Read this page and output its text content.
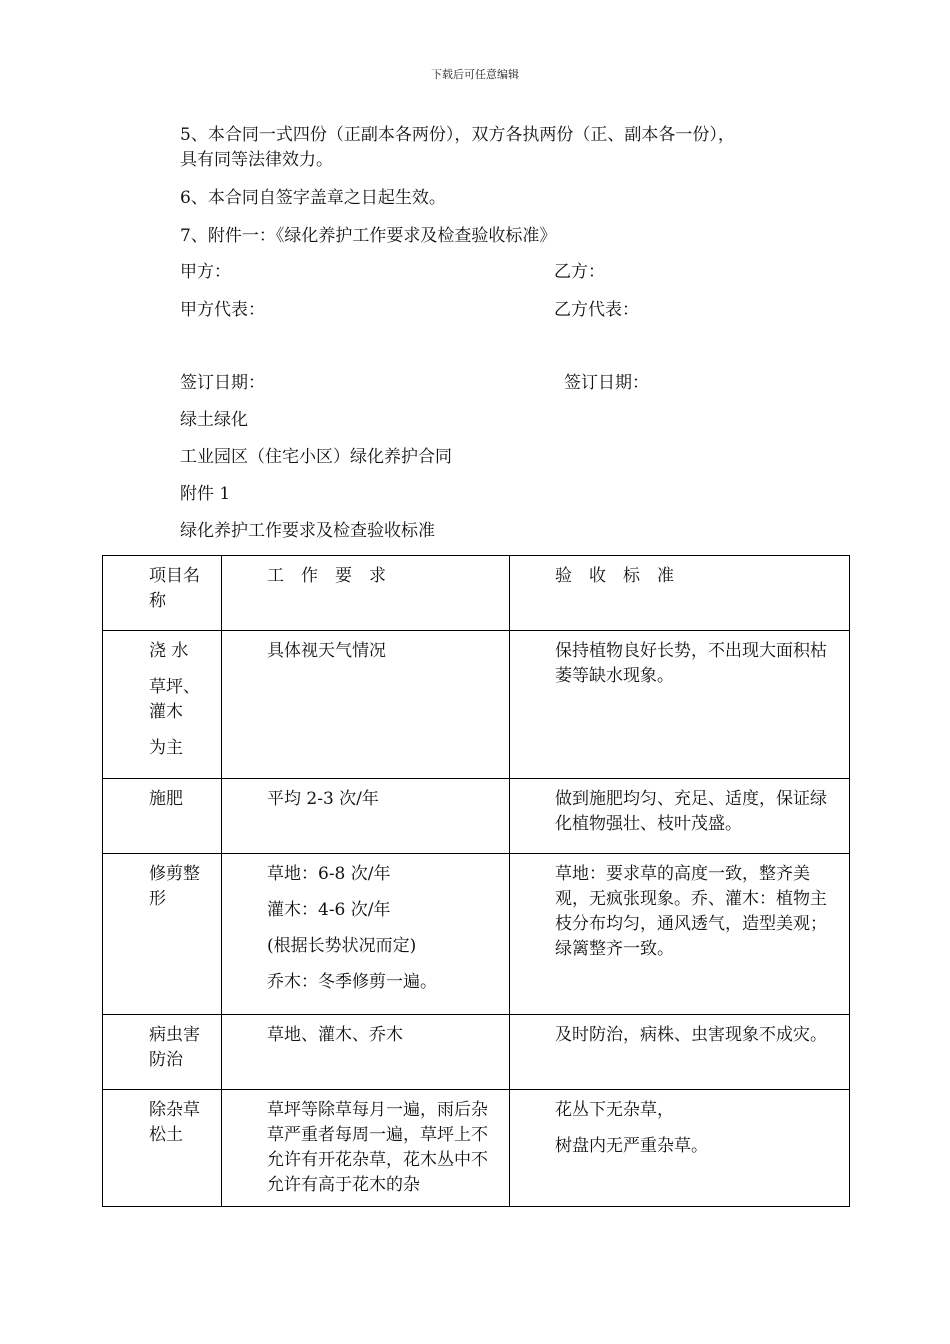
下载后可任意编辑
5、本合同一式四份（正副本各两份），双方各执两份（正、副本各一份），
具有同等法律效力。
6、本合同自签字盖章之日起生效。
7、附件一：《绿化养护工作要求及检查验收标准》
甲方：	乙方：
甲方代表：	乙方代表：
签订日期：	签订日期：
绿土绿化
工业园区（住宅小区）绿化养护合同
附件 1
绿化养护工作要求及检查验收标准
项目名称	工　作　要　求	验　收　标　准

浇 水
草坪、灌木
为主	具体视天气情况	保持植物良好长势，不出现大面积枯萎等缺水现象。

施肥	平均 2-3 次/年	做到施肥均匀、充足、适度，保证绿化植物强壮、枝叶茂盛。

修剪整形	草地：6-8 次/年
灌木：4-6 次/年
(根据长势状况而定)
乔木：冬季修剪一遍。	草地：要求草的高度一致，整齐美观，无疯张现象。乔、灌木：植物主枝分布均匀，通风透气，造型美观；绿篱整齐一致。

病虫害防治	草地、灌木、乔木	及时防治，病株、虫害现象不成灾。

除杂草松土	草坪等除草每月一遍，雨后杂草严重者每周一遍，草坪上不允许有开花杂草，花木丛中不允许有高于花木的杂	花丛下无杂草，
树盘内无严重杂草。
